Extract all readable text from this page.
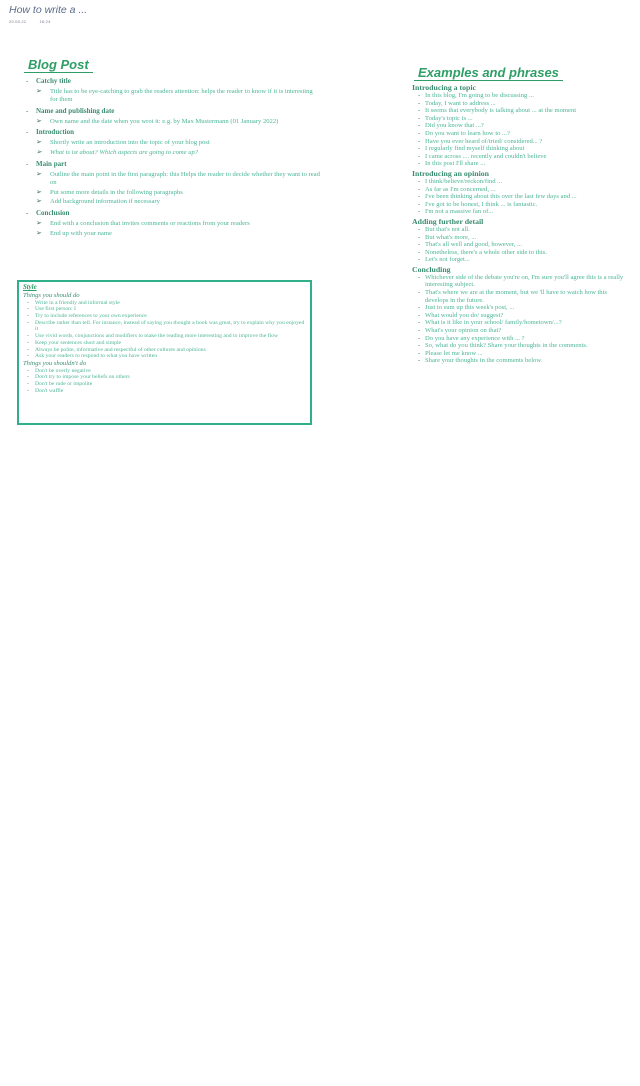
How to write a ...
29.05.22	16:24
Blog Post
- Catchy title
➢ Title has to be eye-catching to grab the readers attention: helps the reader to know if it is interesting for them
- Name and publishing date
➢ Own name and the date when you wrot it: e.g. by Max Mustermann (01 January 2022)
- Introduction
➢ Shortly write an introduction into the topic of your blog post
➢ What is ist about? Which aspects are going to come up?
- Main part
➢ Outline the main point in the first paragraph: this Helps the reader to decide whether they want to read on
➢ Put some more details in the following paragraphs
➢ Add background information if necessary
- Conclusion
➢ End with a conclusion that invites comments or reactions from your readers
➢ End up with your name
Style
Things you should do
- Write in a friendly and informal style
- Use first person: I
- Try to include references to your own experience
- Describe rather than tell. For instance, instead of saying you thought a book was great, try to explain why you enjoyed it
- Use vivid words, conjunctions and modifiers to make the reading more interesting and to improve the flow
- Keep your sentences short and simple
- Always be polite, informative and respectful of other cultures and opinions
- Ask your readers to respond to what you have written
Things you shouldn't do
- Don't be overly negative
- Don't try to impose your beliefs on others
- Don't be rude or impolite
- Don't waffle
Examples and phrases
Introducing a topic
- In this blog, I'm going to be discussing ...
- Today, I want to address ...
- It seems that everybody is talking about ... at the moment
- Today's topic is ...
- Did you know that ...?
- Do you want to learn how to ...?
- Have you ever heard of/tried/ considered... ?
- I regularly find myself thinking about
- I came across .... recently and couldn't believe
- In this post I'll share ...
Introducing an opinion
- I think/believe/reckon/find ...
- As far as I'm concerned, ...
- I've been thinking about this over the last few days and ...
- I've got to be honest, I think ... is fantastic.
- I'm not a massive fan of...
Adding further detail
- But that's not all.
- But what's more, ...
- That's all well and good, however, ...
- Nonetheless, there's a whole other side to this.
- Let's not forget...
Concluding
- Whichever side of the debate you're on, I'm sure you'll agree this is a really interesting subject.
- That's where we are at the moment, but we 'll have to watch how this develops in the future.
- Just to sum up this week's post, ...
- What would you do/ suggest?
- What is it like in your school/ family/hometown/...?
- What's your opinion on that?
- Do you have any experience with ... ?
- So, what do you think? Share your thoughts in the comments.
- Please let me know ...
- Share your thoughts in the comments below.
